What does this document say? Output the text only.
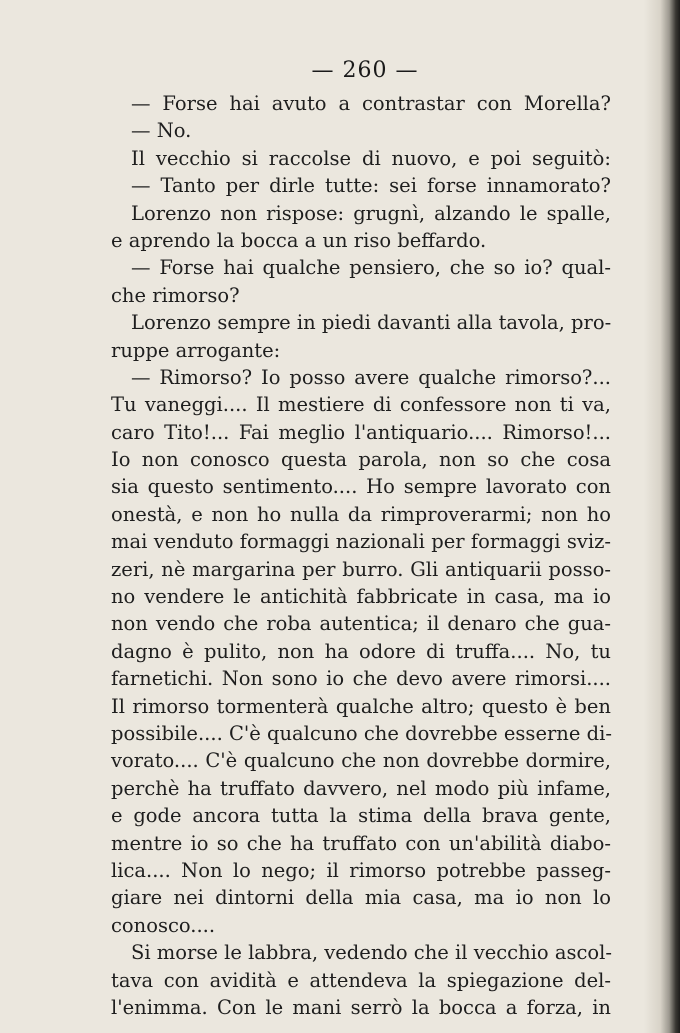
— 260 —
— Forse hai avuto a contrastar con Morella?
— No.
Il vecchio si raccolse di nuovo, e poi seguitò:
— Tanto per dirle tutte: sei forse innamorato?
Lorenzo non rispose: grugnì, alzando le spalle,
e aprendo la bocca a un riso beffardo.
— Forse hai qualche pensiero, che so io? qual-
che rimorso?
Lorenzo sempre in piedi davanti alla tavola, pro-
ruppe arrogante:
— Rimorso? Io posso avere qualche rimorso?...
Tu vaneggi.... Il mestiere di confessore non ti va,
caro Tito!... Fai meglio l'antiquario.... Rimorso!...
Io non conosco questa parola, non so che cosa
sia questo sentimento.... Ho sempre lavorato con
onestà, e non ho nulla da rimproverarmi; non ho
mai venduto formaggi nazionali per formaggi sviz-
zeri, nè margarina per burro. Gli antiquarii posso-
no vendere le antichità fabbricate in casa, ma io
non vendo che roba autentica; il denaro che gua-
dagno è pulito, non ha odore di truffa.... No, tu
farnetichi. Non sono io che devo avere rimorsi....
Il rimorso tormenterà qualche altro; questo è ben
possibile.... C'è qualcuno che dovrebbe esserne di-
vorato.... C'è qualcuno che non dovrebbe dormire,
perchè ha truffato davvero, nel modo più infame,
e gode ancora tutta la stima della brava gente,
mentre io so che ha truffato con un'abilità diabo-
lica.... Non lo nego; il rimorso potrebbe passeg-
giare nei dintorni della mia casa, ma io non lo
conosco....
Si morse le labbra, vedendo che il vecchio ascol-
tava con avidità e attendeva la spiegazione del-
l'enimma. Con le mani serrò la bocca a forza, in
